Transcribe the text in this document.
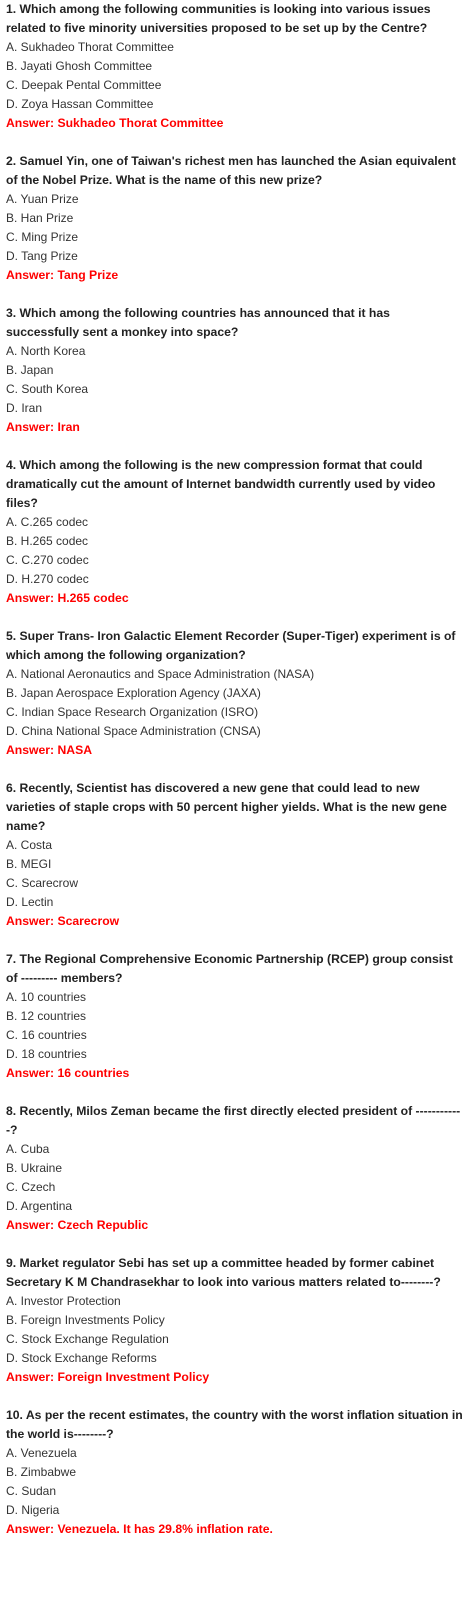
1. Which among the following communities is looking into various issues related to five minority universities proposed to be set up by the Centre?

A. Sukhadeo Thorat Committee
B. Jayati Ghosh Committee
C. Deepak Pental Committee
D. Zoya Hassan Committee

Answer: Sukhadeo Thorat Committee

2. Samuel Yin, one of Taiwan's richest men has launched the Asian equivalent of the Nobel Prize. What is the name of this new prize?

A. Yuan Prize
B. Han Prize
C. Ming Prize
D. Tang Prize

Answer: Tang Prize

3. Which among the following countries has announced that it has successfully sent a monkey into space?

A. North Korea
B. Japan
C. South Korea
D. Iran

Answer: Iran

4. Which among the following is the new compression format that could dramatically cut the amount of Internet bandwidth currently used by video files?

A. C.265 codec
B. H.265 codec
C. C.270 codec
D. H.270 codec

Answer: H.265 codec

5. Super Trans- Iron Galactic Element Recorder (Super-Tiger) experiment is of which among the following organization?

A. National Aeronautics and Space Administration (NASA)
B. Japan Aerospace Exploration Agency (JAXA)
C. Indian Space Research Organization (ISRO)
D. China National Space Administration (CNSA)

Answer: NASA

6. Recently, Scientist has discovered a new gene that could lead to new varieties of staple crops with 50 percent higher yields. What is the new gene name?

A. Costa
B. MEGI
C. Scarecrow
D. Lectin

Answer: Scarecrow

7. The Regional Comprehensive Economic Partnership (RCEP) group consist of --------- members?

A. 10 countries
B. 12 countries
C. 16 countries
D. 18 countries

Answer: 16 countries

8. Recently, Milos Zeman became the first directly elected president of ------------?

A. Cuba
B. Ukraine
C. Czech
D. Argentina

Answer: Czech Republic

9. Market regulator Sebi has set up a committee headed by former cabinet Secretary K M Chandrasekhar to look into various matters related to--------?

A. Investor Protection
B. Foreign Investments Policy
C. Stock Exchange Regulation
D. Stock Exchange Reforms

Answer: Foreign Investment Policy

10. As per the recent estimates, the country with the worst inflation situation in the world is--------?

A. Venezuela
B. Zimbabwe
C. Sudan
D. Nigeria

Answer: Venezuela. It has 29.8% inflation rate.
